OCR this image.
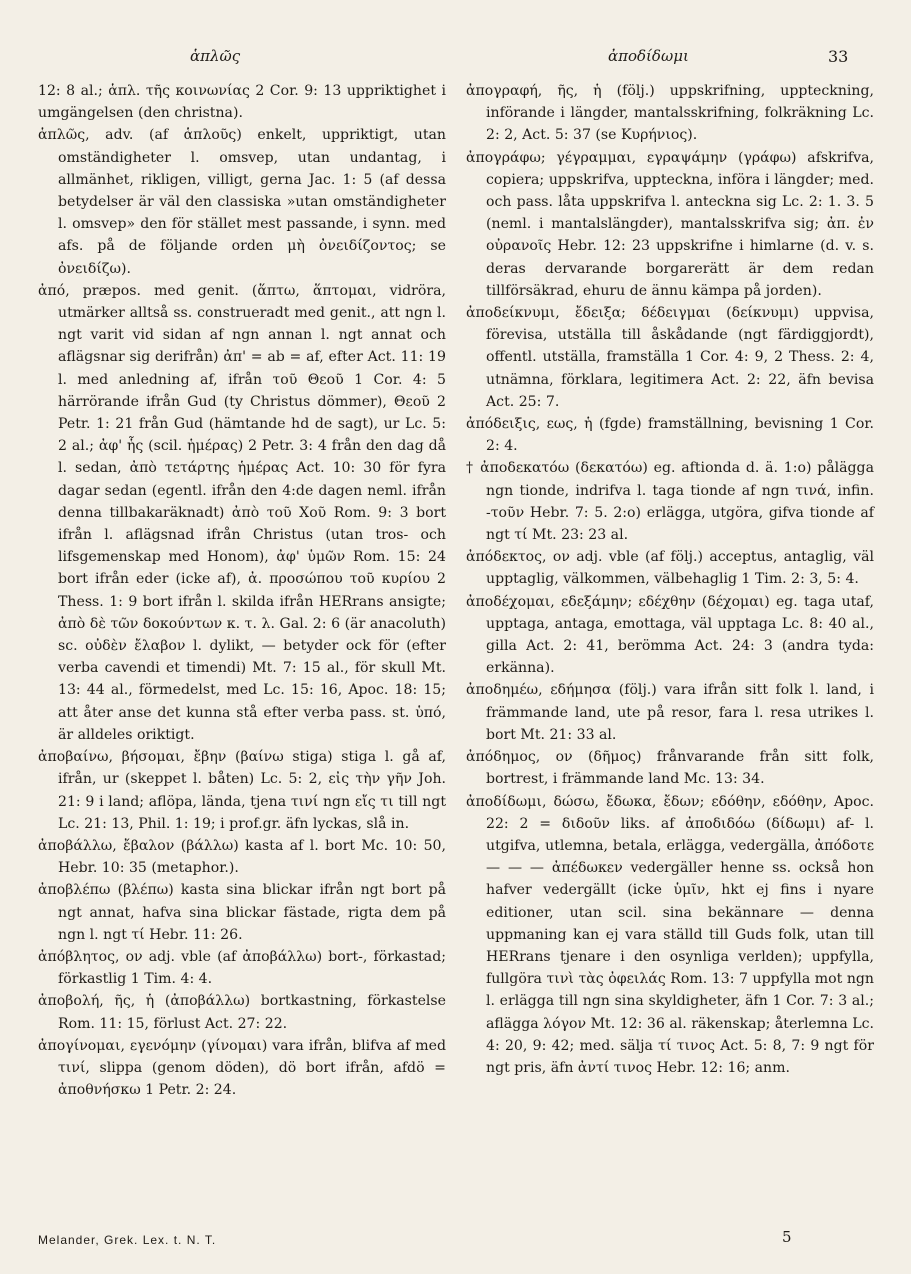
ἁπλῶς	ἀποδίδωμι	33

12: 8 al.; ἁπλ. τῆς κοινωνίας 2 Cor. 9: 13 uppriktighet i umgängelsen (den christna).

ἁπλῶς, adv. (af ἁπλοῦς) enkelt, uppriktigt, utan omständigheter l. omsvep, utan undantag, i allmänhet, rikligen, villigt, gerna Jac. 1: 5 (af dessa betydelser är väl den classiska »utan omständigheter l. omsvep» den för stället mest passande, i synn. med afs. på de följande orden μὴ ὀνειδίζοντος; se ὀνειδίζω).

ἀπό, præpos. med genit. (ἅπτω, ἅπτομαι, vidröra, utmärker alltså ss. construeradt med genit., att ngn l. ngt varit vid sidan af ngn annan l. ngt annat och aflägsnar sig derifrån) ἀπ' = ab = af, efter Act. 11: 19 l. med anledning af, ifrån τοῦ Θεοῦ 1 Cor. 4: 5 härrörande ifrån Gud (ty Christus dömmer), Θεοῦ 2 Petr. 1: 21 från Gud (hämtande hd de sagt), ur Lc. 5: 2 al.; ἀφ' ἧς (scil. ἡμέρας) 2 Petr. 3: 4 från den dag då l. sedan, ἀπὸ τετάρτης ἡμέρας Act. 10: 30 för fyra dagar sedan (egentl. ifrån den 4:de dagen neml. ifrån denna tillbakaräknadt) ἀπὸ τοῦ Χοῦ Rom. 9: 3 bort ifrån l. aflägsnad ifrån Christus (utan tros- och lifsgemenskap med Honom), ἀφ' ὑμῶν Rom. 15: 24 bort ifrån eder (icke af), ἀ. προσώπου τοῦ κυρίου 2 Thess. 1: 9 bort ifrån l. skilda ifrån HERrans ansigte; ἀπὸ δὲ τῶν δοκούντων κ. τ. λ. Gal. 2: 6 (är anacoluth) sc. οὐδὲν ἔλαβον l. dylikt, — betyder ock för (efter verba cavendi et timendi) Mt. 7: 15 al., för skull Mt. 13: 44 al., förmedelst, med Lc. 15: 16, Apoc. 18: 15; att åter anse det kunna stå efter verba pass. st. ὑπό, är alldeles oriktigt.

ἀποβαίνω, βήσομαι, ἔβην (βαίνω stiga) stiga l. gå af, ifrån, ur (skeppet l. båten) Lc. 5: 2, εἰς τὴν γῆν Joh. 21: 9 i land; aflöpa, lända, tjena τινί ngn εἴς τι till ngt Lc. 21: 13, Phil. 1: 19; i prof.gr. äfn lyckas, slå in.

ἀποβάλλω, ἔβαλον (βάλλω) kasta af l. bort Mc. 10: 50, Hebr. 10: 35 (metaphor.).

ἀποβλέπω (βλέπω) kasta sina blickar ifrån ngt bort på ngt annat, hafva sina blickar fästade, rigta dem på ngn l. ngt τί Hebr. 11: 26.

ἀπόβλητος, ον adj. vble (af ἀποβάλλω) bort-, förkastad; förkastlig 1 Tim. 4: 4.

ἀποβολή, ῆς, ἡ (ἀποβάλλω) bortkastning, förkastelse Rom. 11: 15, förlust Act. 27: 22.

ἀπογίνομαι, εγενόμην (γίνομαι) vara ifrån, blifva af med τινί, slippa (genom döden), dö bort ifrån, afdö = ἀποθνήσκω 1 Petr. 2: 24.

ἀπογραφή, ῆς, ἡ (följ.) uppskrifning, uppteckning, införande i längder, mantalsskrifning, folkräkning Lc. 2: 2, Act. 5: 37 (se Κυρήνιος).

ἀπογράφω; γέγραμμαι, εγραψάμην (γράφω) afskrifva, copiera; uppskrifva, uppteckna, införa i längder; med. och pass. låta uppskrifva l. anteckna sig Lc. 2: 1. 3. 5 (neml. i mantalslängder), mantalsskrifva sig; ἀπ. ἐν οὐρανοῖς Hebr. 12: 23 uppskrifne i himlarne (d. v. s. deras dervarande borgarerätt är dem redan tillförsäkrad, ehuru de ännu kämpa på jorden).

ἀποδείκνυμι, ἔδειξα; δέδειγμαι (δείκνυμι) uppvisa, förevisa, utställa till åskådande (ngt färdiggjordt), offentl. utställa, framställa 1 Cor. 4: 9, 2 Thess. 2: 4, utnämna, förklara, legitimera Act. 2: 22, äfn bevisa Act. 25: 7.

ἀπόδειξις, εως, ἡ (fgde) framställning, bevisning 1 Cor. 2: 4.

† ἀποδεκατόω (δεκατόω) eg. aftionda d. ä. 1:o) pålägga ngn tionde, indrifva l. taga tionde af ngn τινά, infin. -τοῦν Hebr. 7: 5. 2:o) erlägga, utgöra, gifva tionde af ngt τί Mt. 23: 23 al.

ἀπόδεκτος, ον adj. vble (af följ.) acceptus, antaglig, väl upptaglig, välkommen, välbehaglig 1 Tim. 2: 3, 5: 4.

ἀποδέχομαι, εδεξάμην; εδέχθην (δέχομαι) eg. taga utaf, upptaga, antaga, emottaga, väl upptaga Lc. 8: 40 al., gilla Act. 2: 41, berömma Act. 24: 3 (andra tyda: erkänna).

ἀποδημέω, εδήμησα (följ.) vara ifrån sitt folk l. land, i främmande land, ute på resor, fara l. resa utrikes l. bort Mt. 21: 33 al.

ἀπόδημος, ον (δῆμος) frånvarande från sitt folk, bortrest, i främmande land Mc. 13: 34.

ἀποδίδωμι, δώσω, ἔδωκα, ἔδων; εδόθην, εδόθην, Apoc. 22: 2 = διδοῦν liks. af ἀποδιδόω (δίδωμι) af- l. utgifva, utlemna, betala, erlägga, vedergälla, ἀπόδοτε — — — ἀπέδωκεν vedergäller henne ss. också hon hafver vedergällt (icke ὑμῖν, hkt ej fins i nyare editioner, utan scil. sina bekännare — denna uppmaning kan ej vara ställd till Guds folk, utan till HERrans tjenare i den osynliga verlden); uppfylla, fullgöra τινὶ τὰς ὀφειλάς Rom. 13: 7 uppfylla mot ngn l. erlägga till ngn sina skyldigheter, äfn 1 Cor. 7: 3 al.; aflägga λόγον Mt. 12: 36 al. räkenskap; återlemna Lc. 4: 20, 9: 42; med. sälja τί τινος Act. 5: 8, 7: 9 ngt för ngt pris, äfn ἀντί τινος Hebr. 12: 16; anm.

Melander, Grek. Lex. t. N. T.	5
